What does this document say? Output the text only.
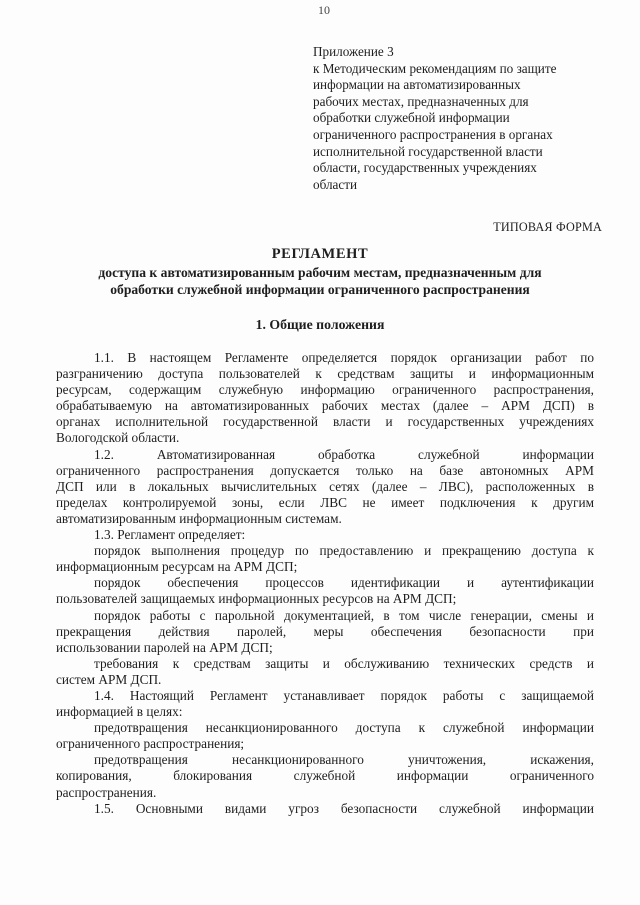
10
Приложение 3
к Методическим рекомендациям по защите
информации на автоматизированных
рабочих местах, предназначенных для
обработки служебной информации
ограниченного распространения в органах
исполнительной государственной власти
области, государственных учреждениях
области
ТИПОВАЯ ФОРМА
РЕГЛАМЕНТ
доступа к автоматизированным рабочим местам, предназначенным для
обработки служебной информации ограниченного распространения
1. Общие положения
1.1. В настоящем Регламенте определяется порядок организации работ по
разграничению доступа пользователей к средствам защиты и информационным
ресурсам, содержащим служебную информацию ограниченного распространения,
обрабатываемую на автоматизированных рабочих местах (далее – АРМ ДСП) в
органах исполнительной государственной власти и государственных учреждениях
Вологодской области.
1.2. Автоматизированная обработка служебной информации
ограниченного распространения допускается только на базе автономных АРМ
ДСП или в локальных вычислительных сетях (далее – ЛВС), расположенных в
пределах контролируемой зоны, если ЛВС не имеет подключения к другим
автоматизированным информационным системам.
1.3. Регламент определяет:
порядок выполнения процедур по предоставлению и прекращению доступа к
информационным ресурсам на АРМ ДСП;
порядок обеспечения процессов идентификации и аутентификации
пользователей защищаемых информационных ресурсов на АРМ ДСП;
порядок работы с парольной документацией, в том числе генерации, смены и
прекращения действия паролей, меры обеспечения безопасности при
использовании паролей на АРМ ДСП;
требования к средствам защиты и обслуживанию технических средств и
систем АРМ ДСП.
1.4. Настоящий Регламент устанавливает порядок работы с защищаемой
информацией в целях:
предотвращения несанкционированного доступа к служебной информации
ограниченного распространения;
предотвращения несанкционированного уничтожения, искажения,
копирования, блокирования служебной информации ограниченного
распространения.
1.5. Основными видами угроз безопасности служебной информации
